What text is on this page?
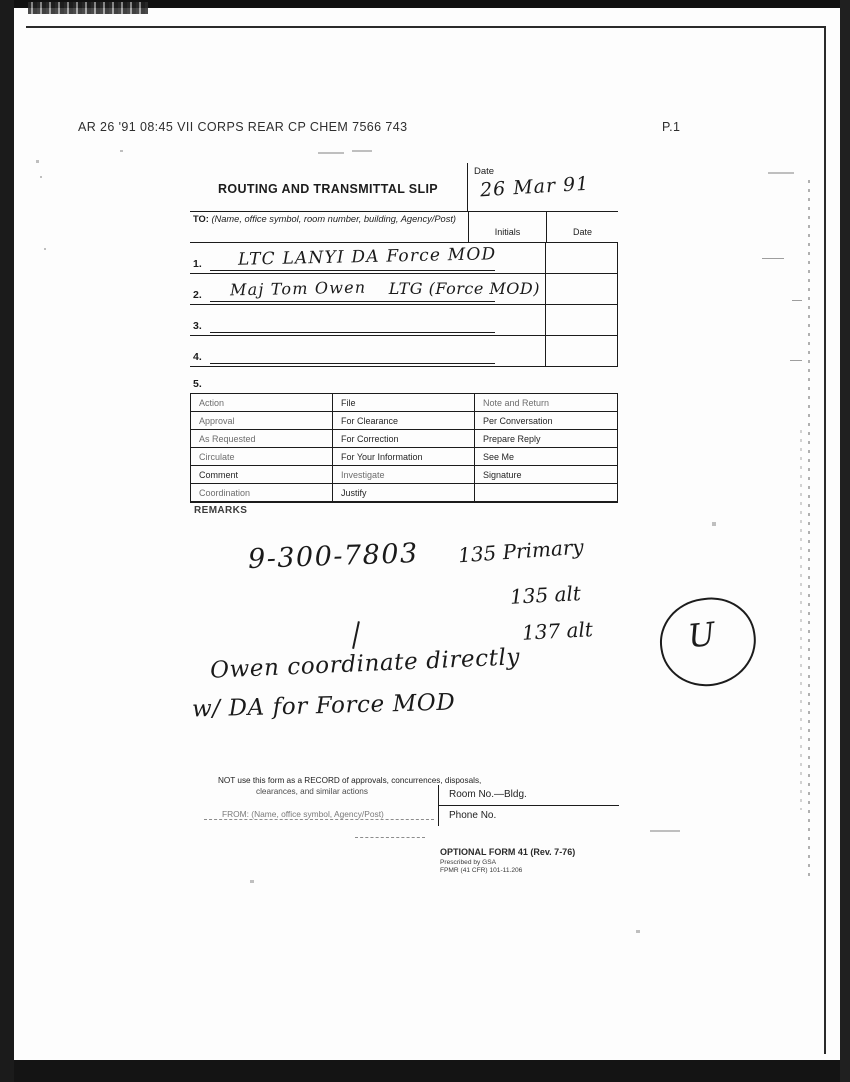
AR 26 '91 08:45 VII CORPS REAR CP CHEM 7566 743	P.1
ROUTING AND TRANSMITTAL SLIP
Date
26 Mar 91
TO: (Name, office symbol, room number, building, Agency/Post)
Initials	Date
1. LTC LANYI DA Force MOD
2. Maj Tom Owen LTG (Force MOD)
3.
4.
5.
Action	File	Note and Return
Approval	For Clearance	Per Conversation
As Requested	For Correction	Prepare Reply
Circulate	For Your Information	See Me
Comment	Investigate	Signature
Coordination	Justify
REMARKS
9-300-7803 135 Primary
135 alt
137 alt
Owen coordinate directly
w/ DA for Force MOD
NOT use this form as a RECORD of approvals, concurrences, disposals,
clearances, and similar actions
FROM: (Name, office symbol, Agency/Post)
Room No.—Bldg.
Phone No.
OPTIONAL FORM 41 (Rev. 7-76)
Prescribed by GSA
FPMR (41 CFR) 101-11.206
U
